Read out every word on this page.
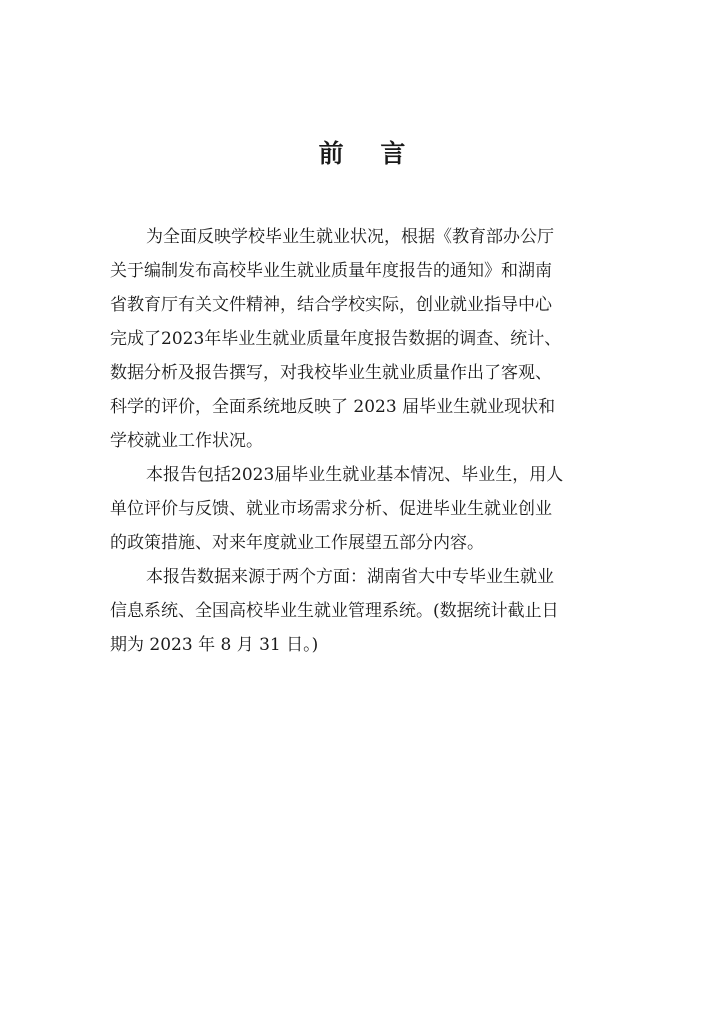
前 言

为全面反映学校毕业生就业状况，根据《教育部办公厅
关于编制发布高校毕业生就业质量年度报告的通知》和湖南
省教育厅有关文件精神，结合学校实际，创业就业指导中心
完成了2023年毕业生就业质量年度报告数据的调查、统计、
数据分析及报告撰写，对我校毕业生就业质量作出了客观、
科学的评价，全面系统地反映了 2023 届毕业生就业现状和
学校就业工作状况。

本报告包括2023届毕业生就业基本情况、毕业生，用人
单位评价与反馈、就业市场需求分析、促进毕业生就业创业
的政策措施、对来年度就业工作展望五部分内容。

本报告数据来源于两个方面：湖南省大中专毕业生就业
信息系统、全国高校毕业生就业管理系统。(数据统计截止日
期为 2023 年 8 月 31 日。)
